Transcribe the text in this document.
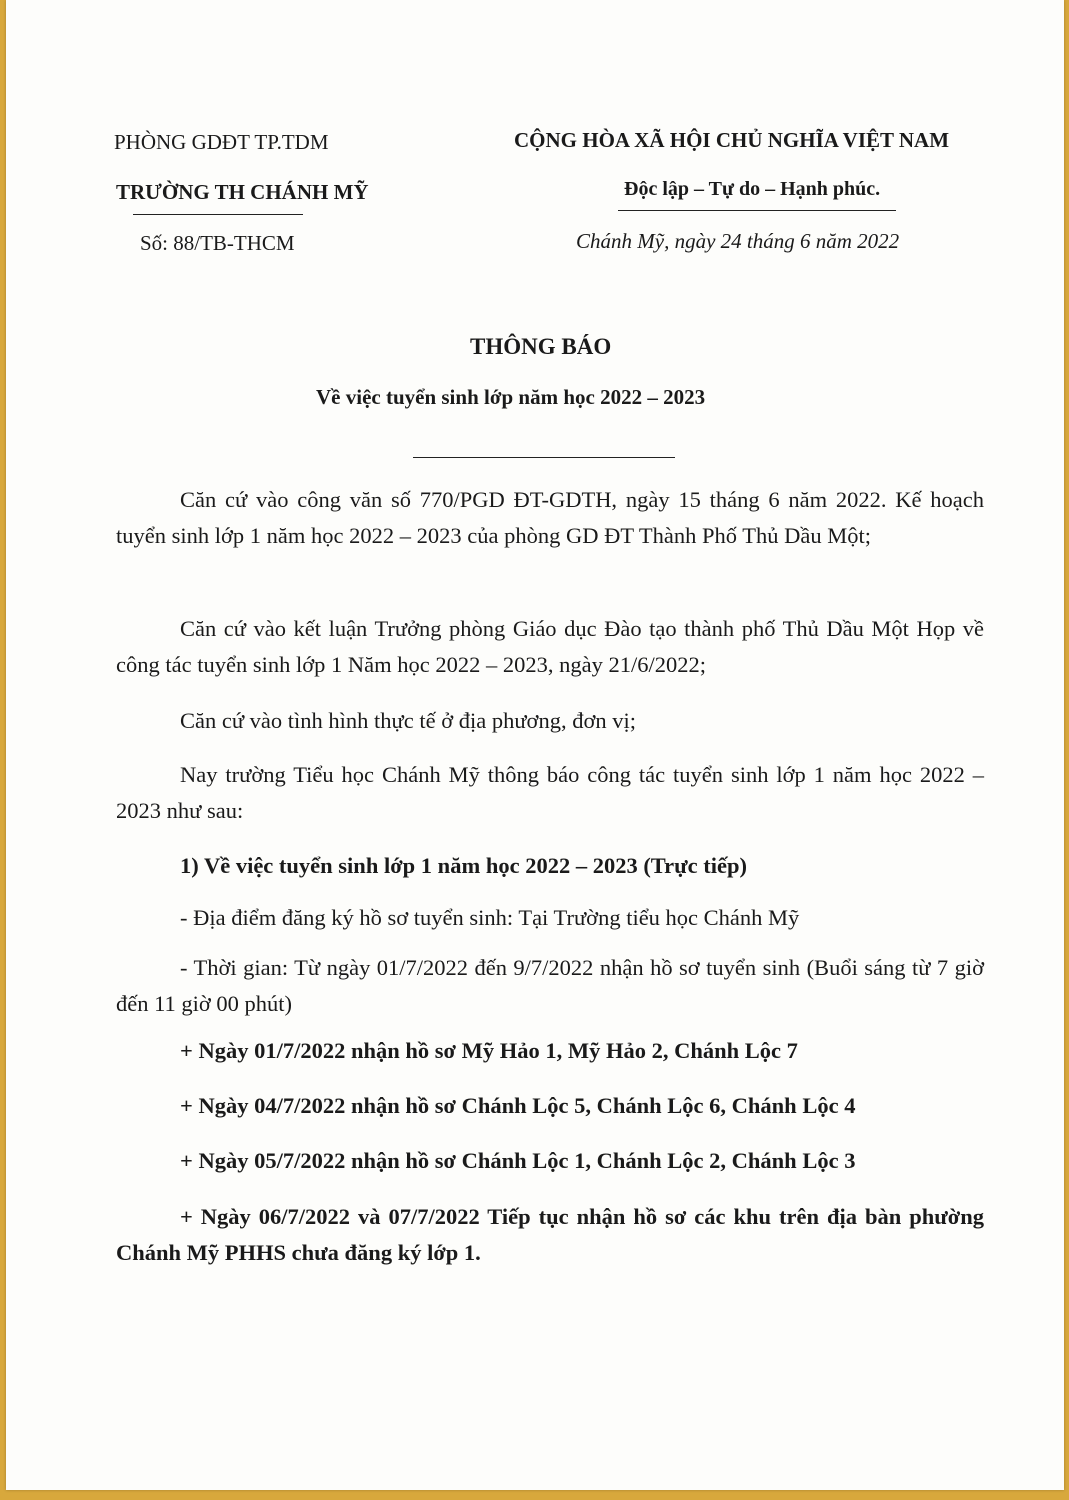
PHÒNG GDĐT TP.TDM
TRƯỜNG TH CHÁNH MỸ
Số: 88/TB-THCM
CỘNG HÒA XÃ HỘI CHỦ NGHĨA VIỆT NAM
Độc lập – Tự do – Hạnh phúc.
Chánh Mỹ, ngày 24 tháng 6 năm 2022
THÔNG BÁO
Về việc tuyển sinh lớp năm học 2022 – 2023
Căn cứ vào công văn số 770/PGD ĐT-GDTH, ngày 15 tháng 6 năm 2022. Kế hoạch tuyển sinh lớp 1 năm học 2022 – 2023 của phòng GD ĐT Thành Phố Thủ Dầu Một;
Căn cứ vào kết luận Trưởng phòng Giáo dục Đào tạo thành phố Thủ Dầu Một Họp về công tác tuyển sinh lớp 1 Năm học 2022 – 2023, ngày 21/6/2022;
Căn cứ vào tình hình thực tế ở địa phương, đơn vị;
Nay trường Tiểu học Chánh Mỹ thông báo công tác tuyển sinh lớp 1 năm học 2022 – 2023 như sau:
1) Về việc tuyển sinh lớp 1 năm học 2022 – 2023 (Trực tiếp)
- Địa điểm đăng ký hồ sơ tuyển sinh: Tại Trường tiểu học Chánh Mỹ
- Thời gian: Từ ngày 01/7/2022 đến 9/7/2022 nhận hồ sơ tuyển sinh (Buổi sáng từ 7 giờ đến 11 giờ 00 phút)
+ Ngày 01/7/2022 nhận hồ sơ Mỹ Hảo 1, Mỹ Hảo 2, Chánh Lộc 7
+ Ngày 04/7/2022 nhận hồ sơ Chánh Lộc 5, Chánh Lộc 6, Chánh Lộc 4
+ Ngày 05/7/2022 nhận hồ sơ Chánh Lộc 1, Chánh Lộc 2, Chánh Lộc 3
+ Ngày 06/7/2022 và 07/7/2022 Tiếp tục nhận hồ sơ các khu trên địa bàn phường Chánh Mỹ PHHS chưa đăng ký lớp 1.
